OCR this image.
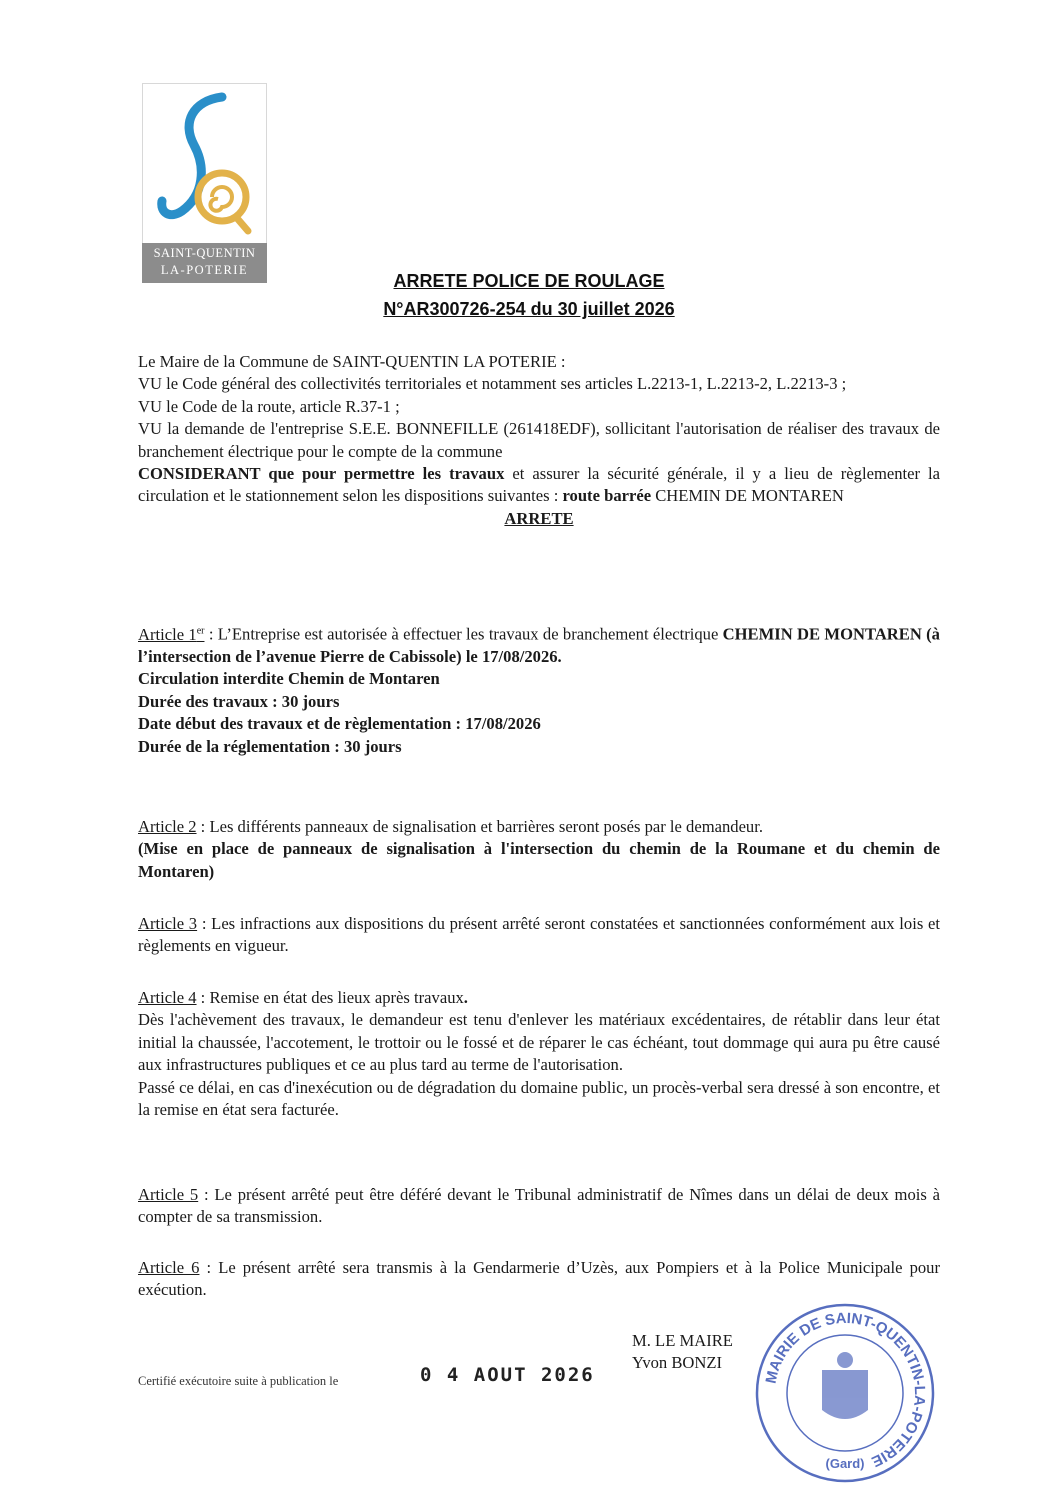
SAINT-QUENTIN
LA-POTERIE
ARRETE POLICE DE ROULAGE
N°AR300726-254 du 30 juillet 2026

Le Maire de la Commune de SAINT-QUENTIN LA POTERIE :

VU le Code général des collectivités territoriales et notamment ses articles L.2213-1, L.2213-2, L.2213-3 ;

VU le Code de la route, article R.37-1 ;

VU la demande de l'entreprise S.E.E. BONNEFILLE (261418EDF), sollicitant l'autorisation de réaliser des travaux de branchement électrique pour le compte de la commune

CONSIDERANT que pour permettre les travaux et assurer la sécurité générale, il y a lieu de règlementer la circulation et le stationnement selon les dispositions suivantes : route barrée CHEMIN DE MONTAREN

ARRETE

Article 1er : L’Entreprise est autorisée à effectuer les travaux de branchement électrique CHEMIN DE MONTAREN (à l’intersection de l’avenue Pierre de Cabissole) le 17/08/2026.

Circulation interdite Chemin de Montaren

Durée des travaux : 30 jours

Date début des travaux et de règlementation : 17/08/2026

Durée de la réglementation : 30 jours

Article 2 : Les différents panneaux de signalisation et barrières seront posés par le demandeur.

(Mise en place de panneaux de signalisation à l'intersection du chemin de la Roumane et du chemin de Montaren)

Article 3 : Les infractions aux dispositions du présent arrêté seront constatées et sanctionnées conformément aux lois et règlements en vigueur.

Article 4 : Remise en état des lieux après travaux.

Dès l'achèvement des travaux, le demandeur est tenu d'enlever les matériaux excédentaires, de rétablir dans leur état initial la chaussée, l'accotement, le trottoir ou le fossé et de réparer le cas échéant, tout dommage qui aura pu être causé aux infrastructures publiques et ce au plus tard au terme de l'autorisation.

Passé ce délai, en cas d'inexécution ou de dégradation du domaine public, un procès-verbal sera dressé à son encontre, et la remise en état sera facturée.

Article 5 : Le présent arrêté peut être déféré devant le Tribunal administratif de Nîmes dans un délai de deux mois à compter de sa transmission.

Article 6 : Le présent arrêté sera transmis à la Gendarmerie d’Uzès, aux Pompiers et à la Police Municipale pour exécution.

M. LE MAIRE
Yvon BONZI
MAIRIE DE SAINT-QUENTIN-LA-POTERIE
(Gard)
Certifié exécutoire suite à publication le	0 4 AOUT 2026
